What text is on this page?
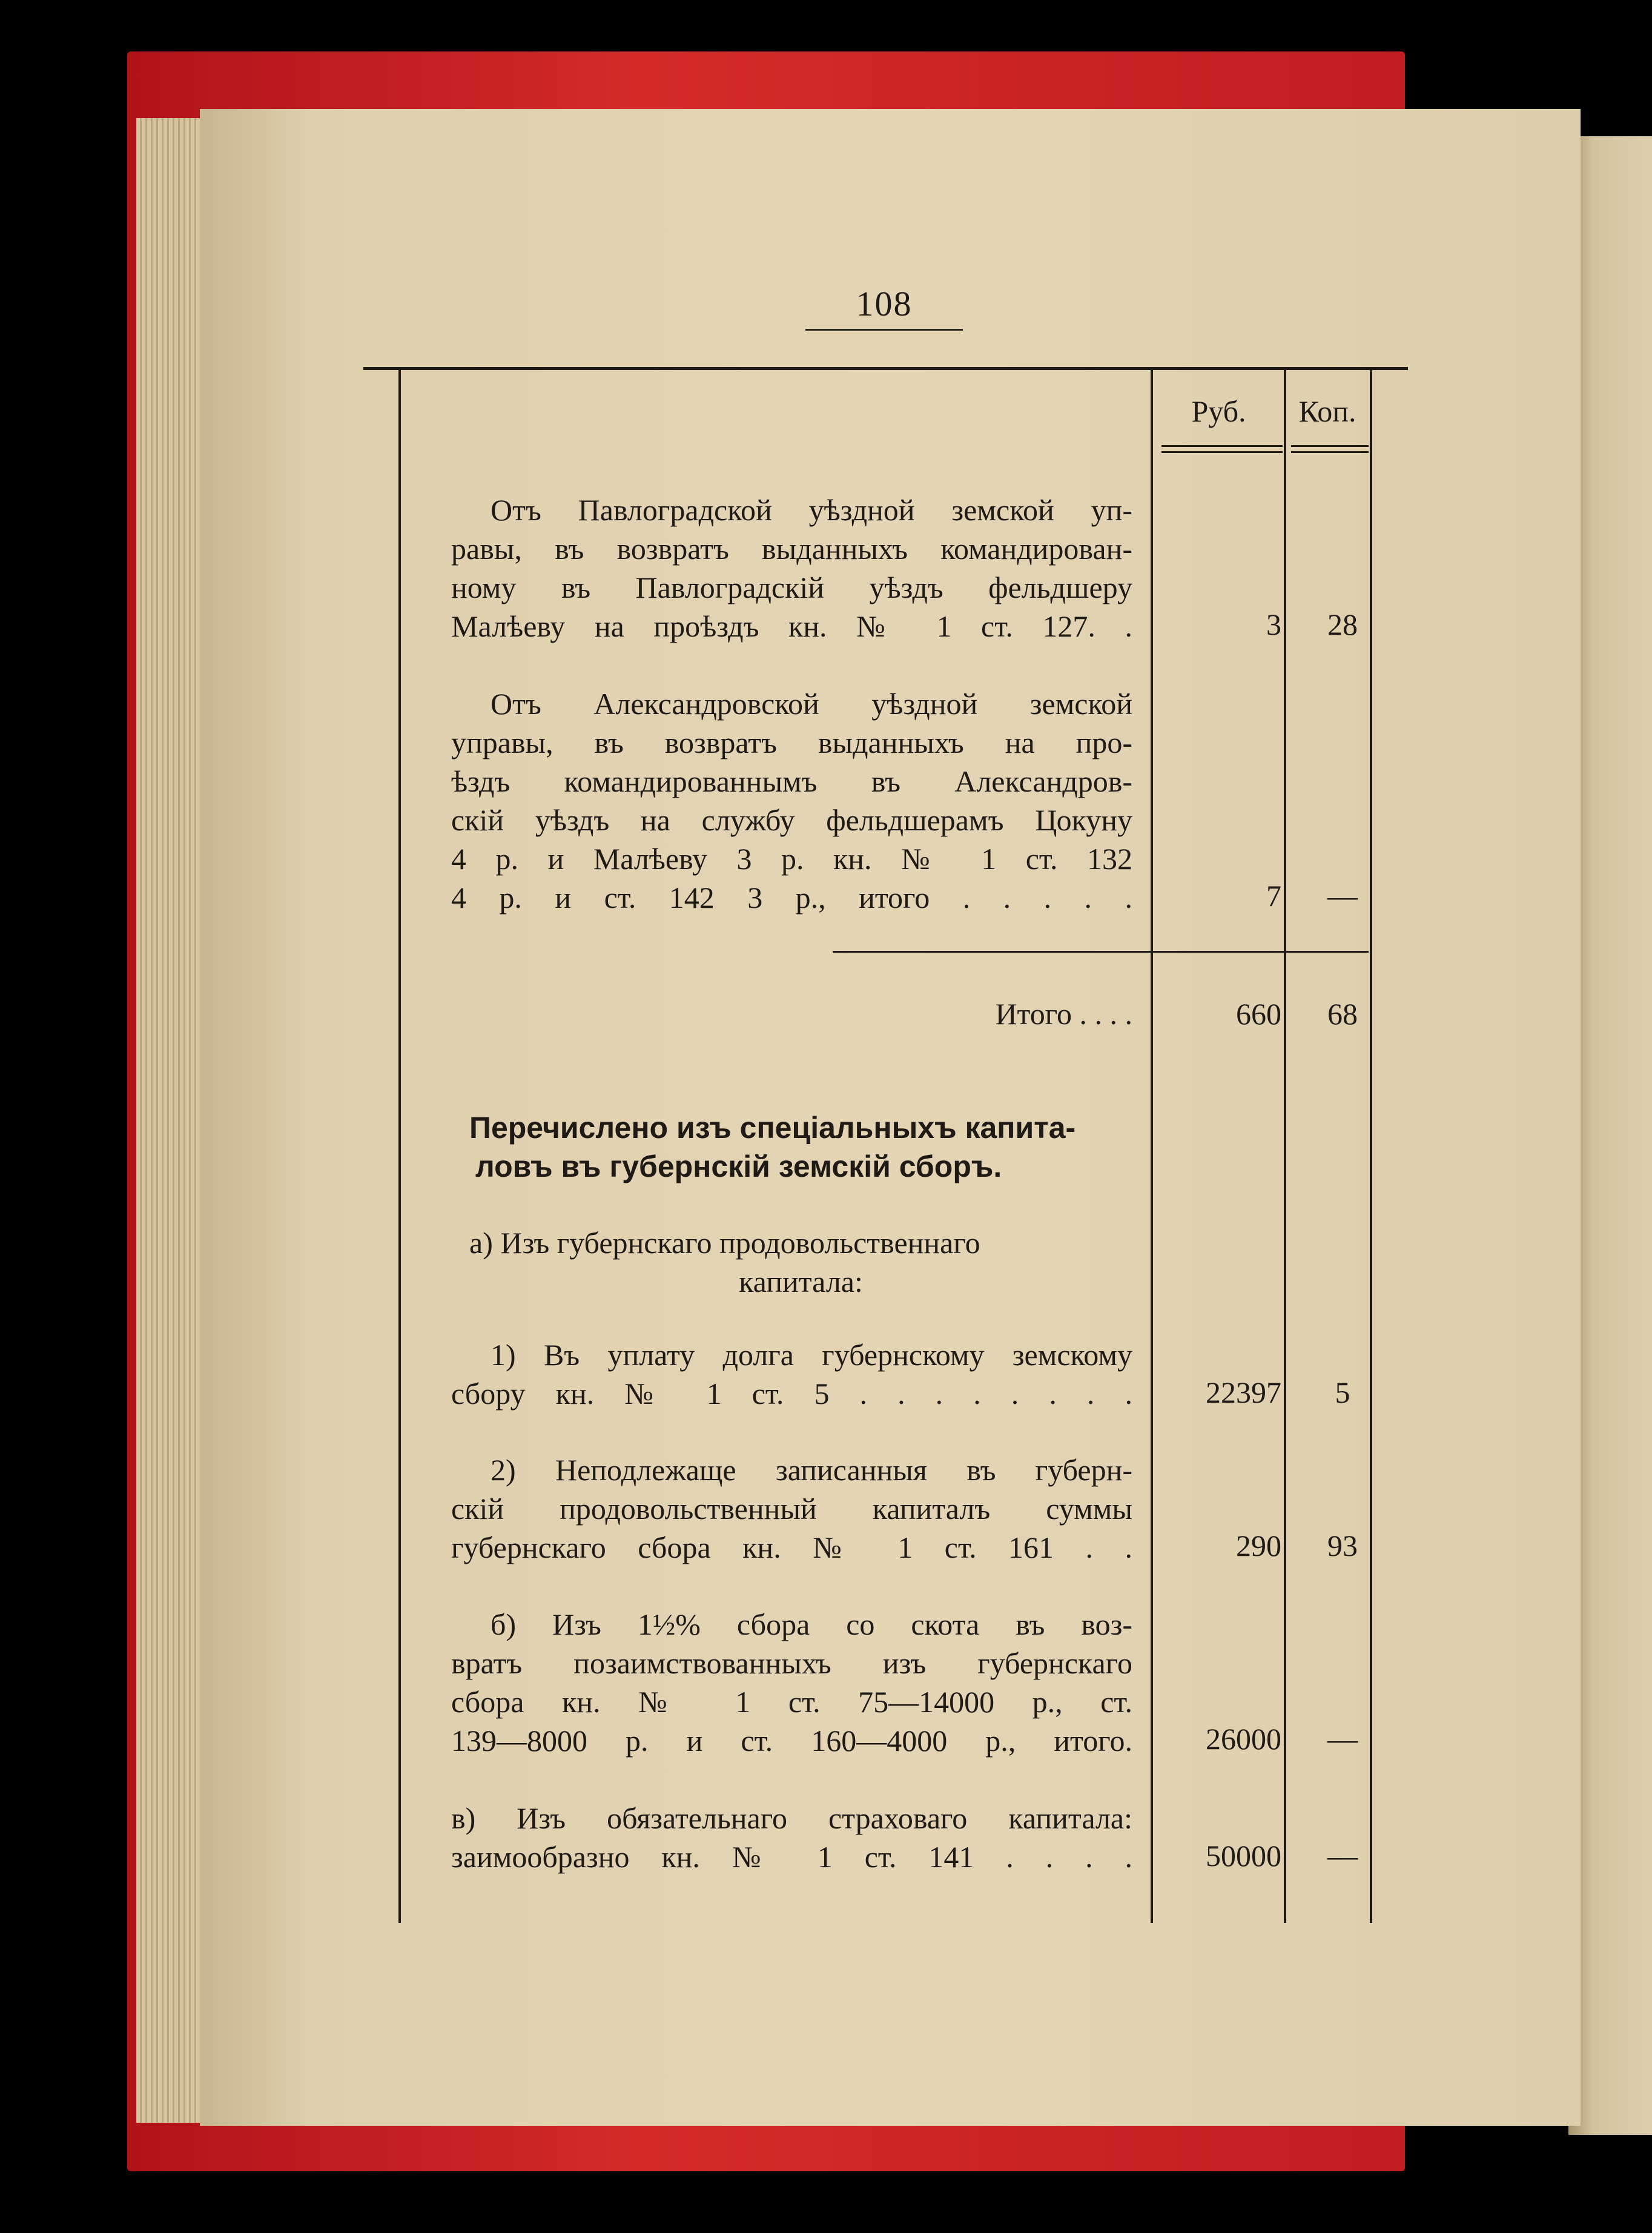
108
Руб.	Коп.
Отъ Павлоградской уѣздной земской уп-
равы, въ возвратъ выданныхъ командирован-
ному въ Павлоградскій уѣздъ фельдшеру
Малѣеву на проѣздъ кн. № 1 ст. 127. .	3	28
Отъ Александровской уѣздной земской
управы, въ возвратъ выданныхъ на про-
ѣздъ командированнымъ въ Александров-
скій уѣздъ на службу фельдшерамъ Цокуну
4 р. и Малѣеву 3 р. кн. № 1 ст. 132
4 р. и ст. 142 3 р., итого . . . . .	7	—
Итого . . . .	660	68
Перечислено изъ спеціальныхъ капита-
ловъ въ губернскій земскій сборъ.
а) Изъ губернскаго продовольственнаго
капитала:
1) Въ уплату долга губернскому земскому
сбору кн. № 1 ст. 5 . . . . . . . .	22397	5
2) Неподлежаще записанныя въ губерн-
скій продовольственный капиталъ суммы
губернскаго сбора кн. № 1 ст. 161 . .	290	93
б) Изъ 1½% сбора со скота въ воз-
вратъ позаимствованныхъ изъ губернскаго
сбора кн. № 1 ст. 75—14000 р., ст.
139—8000 р. и ст. 160—4000 р., итого.	26000	—
в) Изъ обязательнаго страховаго капитала:
заимообразно кн. № 1 ст. 141 . . . .	50000	—
